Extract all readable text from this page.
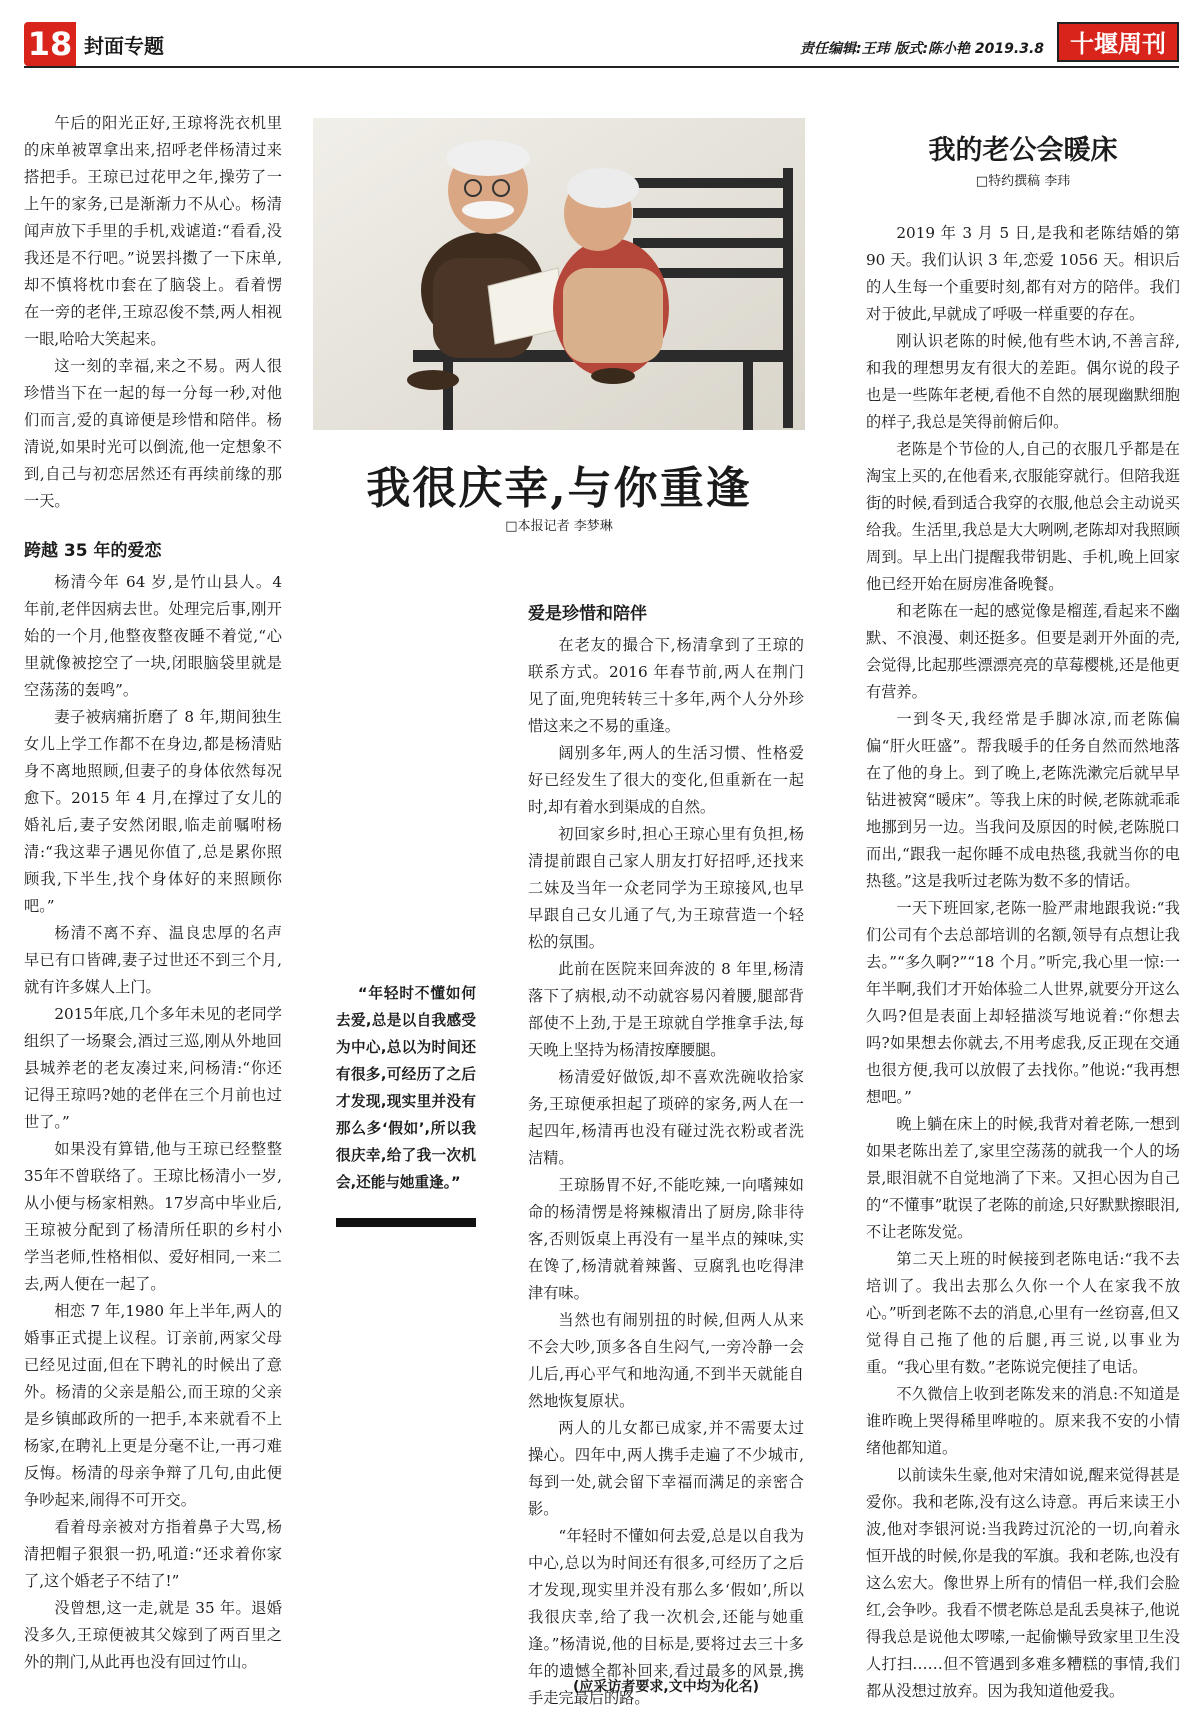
18 封面专题	责任编辑:王玮 版式:陈小艳 2019.3.8	十堰周刊

午后的阳光正好,王琼将洗衣机里的床单被罩拿出来,招呼老伴杨清过来搭把手。王琼已过花甲之年,操劳了一上午的家务,已是渐渐力不从心。杨清闻声放下手里的手机,戏谑道:“看看,没我还是不行吧。”说罢抖擞了一下床单,却不慎将枕巾套在了脑袋上。看着愣在一旁的老伴,王琼忍俊不禁,两人相视一眼,哈哈大笑起来。

这一刻的幸福,来之不易。两人很珍惜当下在一起的每一分每一秒,对他们而言,爱的真谛便是珍惜和陪伴。杨清说,如果时光可以倒流,他一定想象不到,自己与初恋居然还有再续前缘的那一天。

跨越 35 年的爱恋

杨清今年 64 岁,是竹山县人。4 年前,老伴因病去世。处理完后事,刚开始的一个月,他整夜整夜睡不着觉,“心里就像被挖空了一块,闭眼脑袋里就是空荡荡的轰鸣”。

妻子被病痛折磨了 8 年,期间独生女儿上学工作都不在身边,都是杨清贴身不离地照顾,但妻子的身体依然每况愈下。2015 年 4 月,在撑过了女儿的婚礼后,妻子安然闭眼,临走前嘱咐杨清:“我这辈子遇见你值了,总是累你照顾我,下半生,找个身体好的来照顾你吧。”

杨清不离不弃、温良忠厚的名声早已有口皆碑,妻子过世还不到三个月,就有许多媒人上门。

2015年底,几个多年未见的老同学组织了一场聚会,酒过三巡,刚从外地回县城养老的老友凑过来,问杨清:“你还记得王琼吗?她的老伴在三个月前也过世了。”

如果没有算错,他与王琼已经整整35年不曾联络了。王琼比杨清小一岁,从小便与杨家相熟。17岁高中毕业后,王琼被分配到了杨清所任职的乡村小学当老师,性格相似、爱好相同,一来二去,两人便在一起了。

相恋 7 年,1980 年上半年,两人的婚事正式提上议程。订亲前,两家父母已经见过面,但在下聘礼的时候出了意外。杨清的父亲是船公,而王琼的父亲是乡镇邮政所的一把手,本来就看不上杨家,在聘礼上更是分毫不让,一再刁难反悔。杨清的母亲争辩了几句,由此便争吵起来,闹得不可开交。

看着母亲被对方指着鼻子大骂,杨清把帽子狠狠一扔,吼道:“还求着你家了,这个婚老子不结了!”

没曾想,这一走,就是 35 年。退婚没多久,王琼便被其父嫁到了两百里之外的荆门,从此再也没有回过竹山。

我很庆幸,与你重逢
□本报记者 李梦琳

“年轻时不懂如何去爱,总是以自我感受为中心,总以为时间还有很多,可经历了之后才发现,现实里并没有那么多‘假如’,所以我很庆幸,给了我一次机会,还能与她重逢。”

爱是珍惜和陪伴

在老友的撮合下,杨清拿到了王琼的联系方式。2016 年春节前,两人在荆门见了面,兜兜转转三十多年,两个人分外珍惜这来之不易的重逢。

阔别多年,两人的生活习惯、性格爱好已经发生了很大的变化,但重新在一起时,却有着水到渠成的自然。

初回家乡时,担心王琼心里有负担,杨清提前跟自己家人朋友打好招呼,还找来二妹及当年一众老同学为王琼接风,也早早跟自己女儿通了气,为王琼营造一个轻松的氛围。

此前在医院来回奔波的 8 年里,杨清落下了病根,动不动就容易闪着腰,腿部背部使不上劲,于是王琼就自学推拿手法,每天晚上坚持为杨清按摩腰腿。

杨清爱好做饭,却不喜欢洗碗收拾家务,王琼便承担起了琐碎的家务,两人在一起四年,杨清再也没有碰过洗衣粉或者洗洁精。

王琼肠胃不好,不能吃辣,一向嗜辣如命的杨清愣是将辣椒清出了厨房,除非待客,否则饭桌上再没有一星半点的辣味,实在馋了,杨清就着辣酱、豆腐乳也吃得津津有味。

当然也有闹别扭的时候,但两人从来不会大吵,顶多各自生闷气,一旁冷静一会儿后,再心平气和地沟通,不到半天就能自然地恢复原状。

两人的儿女都已成家,并不需要太过操心。四年中,两人携手走遍了不少城市,每到一处,就会留下幸福而满足的亲密合影。

“年轻时不懂如何去爱,总是以自我为中心,总以为时间还有很多,可经历了之后才发现,现实里并没有那么多‘假如’,所以我很庆幸,给了我一次机会,还能与她重逢。”杨清说,他的目标是,要将过去三十多年的遗憾全都补回来,看过最多的风景,携手走完最后的路。

(应采访者要求,文中均为化名)
我的老公会暖床
□特约撰稿 李玮

2019 年 3 月 5 日,是我和老陈结婚的第 90 天。我们认识 3 年,恋爱 1056 天。相识后的人生每一个重要时刻,都有对方的陪伴。我们对于彼此,早就成了呼吸一样重要的存在。

刚认识老陈的时候,他有些木讷,不善言辞,和我的理想男友有很大的差距。偶尔说的段子也是一些陈年老梗,看他不自然的展现幽默细胞的样子,我总是笑得前俯后仰。

老陈是个节俭的人,自己的衣服几乎都是在淘宝上买的,在他看来,衣服能穿就行。但陪我逛街的时候,看到适合我穿的衣服,他总会主动说买给我。生活里,我总是大大咧咧,老陈却对我照顾周到。早上出门提醒我带钥匙、手机,晚上回家他已经开始在厨房准备晚餐。

和老陈在一起的感觉像是榴莲,看起来不幽默、不浪漫、刺还挺多。但要是剥开外面的壳,会觉得,比起那些漂漂亮亮的草莓樱桃,还是他更有营养。

一到冬天,我经常是手脚冰凉,而老陈偏偏“肝火旺盛”。帮我暖手的任务自然而然地落在了他的身上。到了晚上,老陈洗漱完后就早早钻进被窝“暖床”。等我上床的时候,老陈就乖乖地挪到另一边。当我问及原因的时候,老陈脱口而出,“跟我一起你睡不成电热毯,我就当你的电热毯。”这是我听过老陈为数不多的情话。

一天下班回家,老陈一脸严肃地跟我说:“我们公司有个去总部培训的名额,领导有点想让我去。”“多久啊?”“18 个月。”听完,我心里一惊:一年半啊,我们才开始体验二人世界,就要分开这么久吗?但是表面上却轻描淡写地说着:“你想去吗?如果想去你就去,不用考虑我,反正现在交通也很方便,我可以放假了去找你。”他说:“我再想想吧。”

晚上躺在床上的时候,我背对着老陈,一想到如果老陈出差了,家里空荡荡的就我一个人的场景,眼泪就不自觉地淌了下来。又担心因为自己的“不懂事”耽误了老陈的前途,只好默默擦眼泪,不让老陈发觉。

第二天上班的时候接到老陈电话:“我不去培训了。我出去那么久你一个人在家我不放心。”听到老陈不去的消息,心里有一丝窃喜,但又觉得自己拖了他的后腿,再三说,以事业为重。“我心里有数。”老陈说完便挂了电话。

不久微信上收到老陈发来的消息:不知道是谁昨晚上哭得稀里哗啦的。原来我不安的小情绪他都知道。

以前读朱生豪,他对宋清如说,醒来觉得甚是爱你。我和老陈,没有这么诗意。再后来读王小波,他对李银河说:当我跨过沉沦的一切,向着永恒开战的时候,你是我的军旗。我和老陈,也没有这么宏大。像世界上所有的情侣一样,我们会脸红,会争吵。我看不惯老陈总是乱丢臭袜子,他说得我总是说他太啰嗦,一起偷懒导致家里卫生没人打扫……但不管遇到多难多糟糕的事情,我们都从没想过放弃。因为我知道他爱我。
